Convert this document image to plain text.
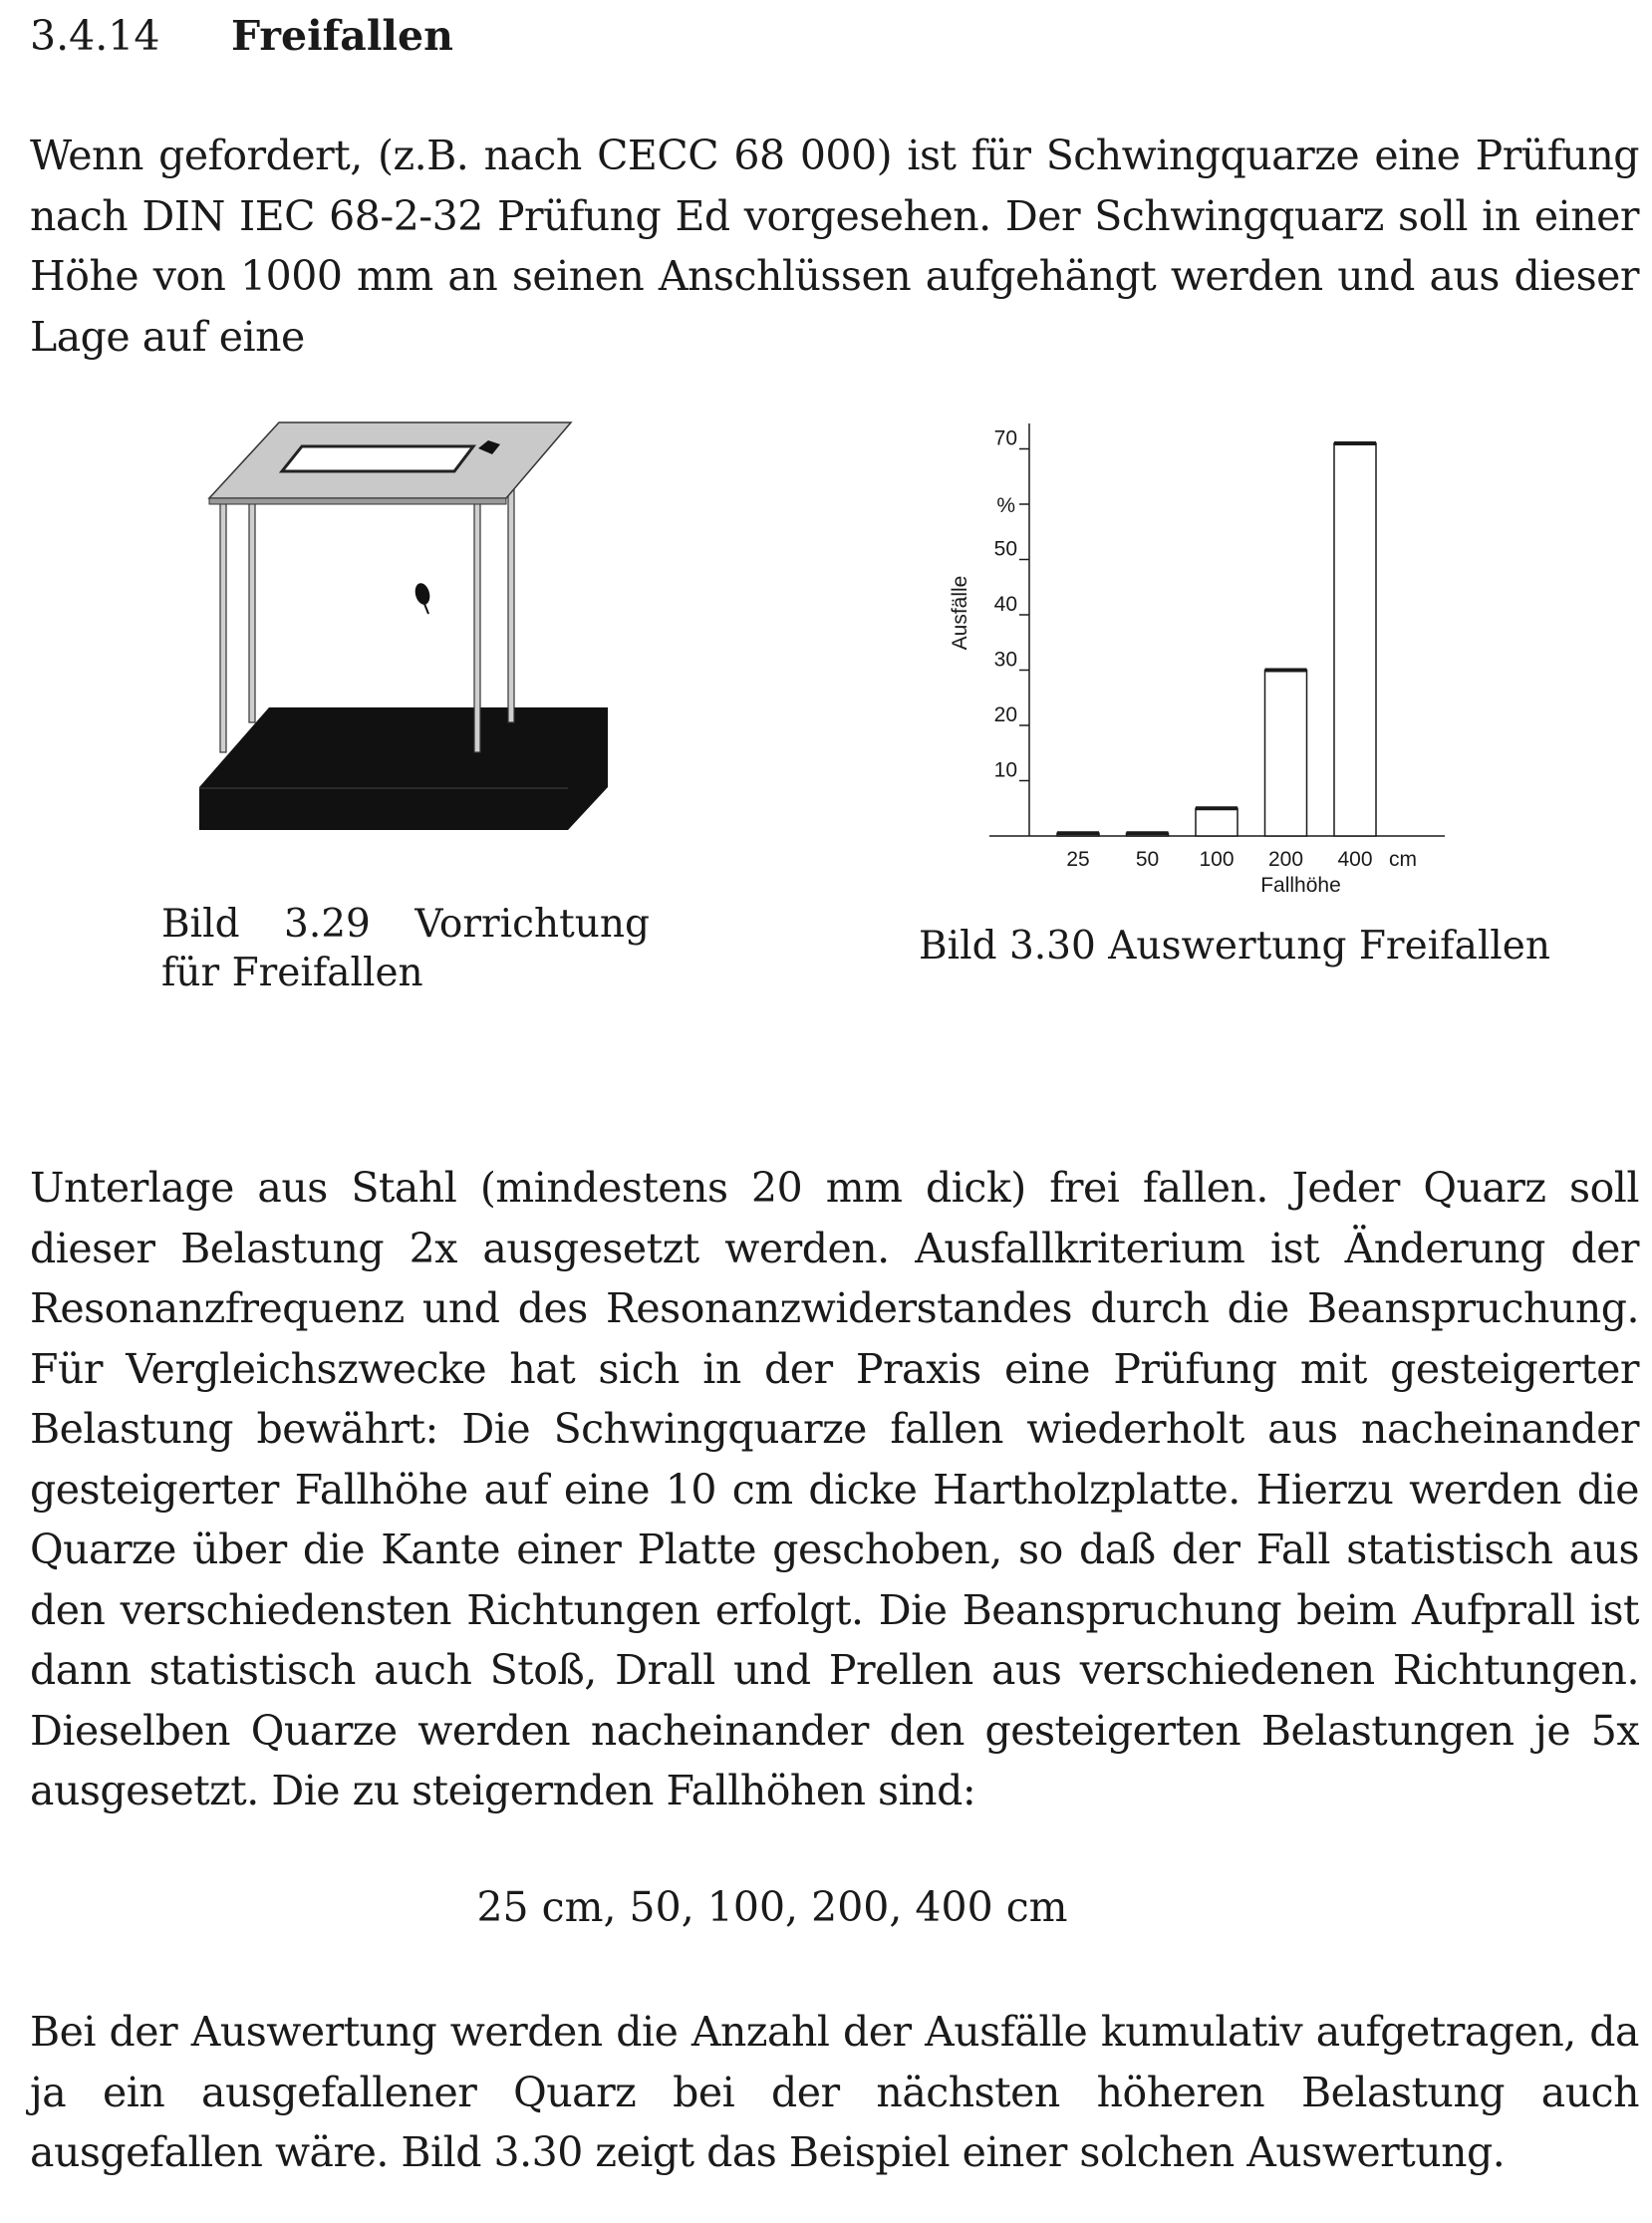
3.4.14 Freifallen

Wenn gefordert, (z.B. nach CECC 68 000) ist für Schwingquarze eine Prüfung nach DIN IEC 68-2-32 Prüfung Ed vorgesehen. Der Schwingquarz soll in einer Höhe von 1000 mm an seinen Anschlüssen aufgehängt werden und aus dieser Lage auf eine

Bild 3.29 Vorrichtung für Freifallen
10
20
30
40
50
%
70
Ausfälle
25 50 100 200 400 cm
Fallhöhe
Bild 3.30 Auswertung Freifallen

Unterlage aus Stahl (mindestens 20 mm dick) frei fallen. Jeder Quarz soll dieser Belastung 2x ausgesetzt werden. Ausfallkriterium ist Änderung der Resonanzfrequenz und des Resonanzwiderstandes durch die Beanspruchung. Für Vergleichszwecke hat sich in der Praxis eine Prüfung mit gesteigerter Belastung bewährt: Die Schwingquarze fallen wiederholt aus nacheinander gesteigerter Fallhöhe auf eine 10 cm dicke Hartholzplatte. Hierzu werden die Quarze über die Kante einer Platte geschoben, so daß der Fall statistisch aus den verschiedensten Richtungen erfolgt. Die Beanspruchung beim Aufprall ist dann statistisch auch Stoß, Drall und Prellen aus verschiedenen Richtungen. Dieselben Quarze werden nacheinander den gesteigerten Belastungen je 5x ausgesetzt. Die zu steigernden Fallhöhen sind:

25 cm, 50, 100, 200, 400 cm

Bei der Auswertung werden die Anzahl der Ausfälle kumulativ aufgetragen, da ja ein ausgefallener Quarz bei der nächsten höheren Belastung auch ausgefallen wäre. Bild 3.30 zeigt das Beispiel einer solchen Auswertung.
